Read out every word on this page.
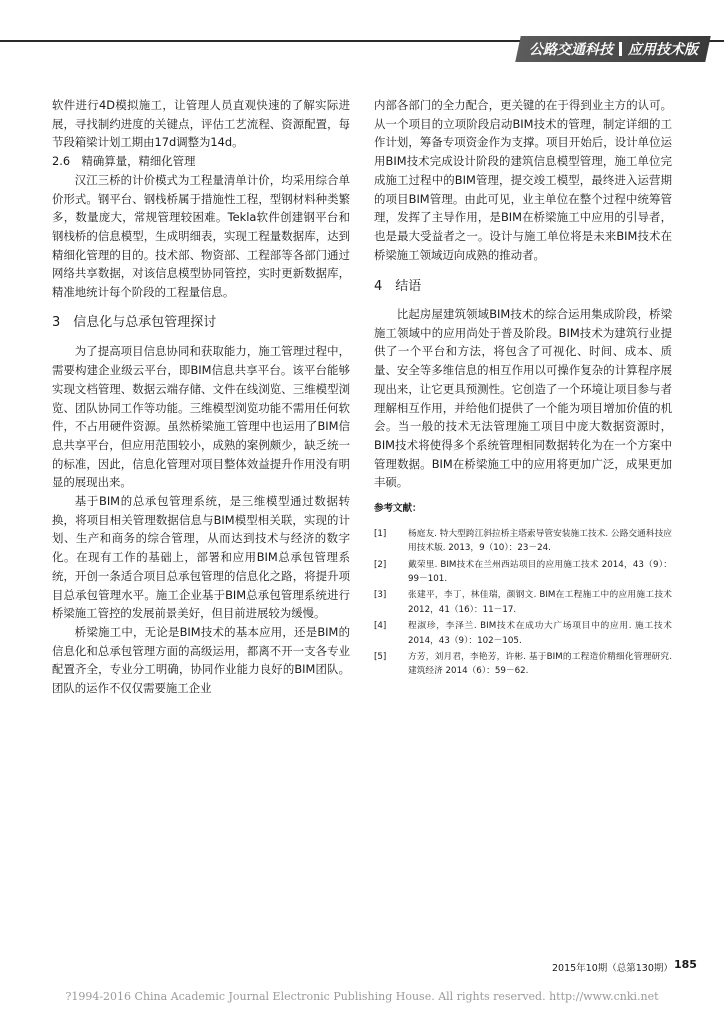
公路交通科技 应用技术版

软件进行4D模拟施工，让管理人员直观快速的了解实际进展，寻找制约进度的关键点，评估工艺流程、资源配置，每节段箱梁计划工期由17d调整为14d。

2.6　精确算量，精细化管理

汉江三桥的计价模式为工程量清单计价，均采用综合单价形式。钢平台、钢栈桥属于措施性工程，型钢材料种类繁多，数量庞大，常规管理较困难。Tekla软件创建钢平台和钢栈桥的信息模型，生成明细表，实现工程量数据库，达到精细化管理的目的。技术部、物资部、工程部等各部门通过网络共享数据，对该信息模型协同管控，实时更新数据库，精准地统计每个阶段的工程量信息。

3　信息化与总承包管理探讨

为了提高项目信息协同和获取能力，施工管理过程中，需要构建企业级云平台，即BIM信息共享平台。该平台能够实现文档管理、数据云端存储、文件在线浏览、三维模型浏览、团队协同工作等功能。三维模型浏览功能不需用任何软件，不占用硬件资源。虽然桥梁施工管理中也运用了BIM信息共享平台，但应用范围较小，成熟的案例颇少，缺乏统一的标准，因此，信息化管理对项目整体效益提升作用没有明显的展现出来。

基于BIM的总承包管理系统，是三维模型通过数据转换，将项目相关管理数据信息与BIM模型相关联，实现的计划、生产和商务的综合管理，从而达到技术与经济的数字化。在现有工作的基础上，部署和应用BIM总承包管理系统，开创一条适合项目总承包管理的信息化之路，将提升项目总承包管理水平。施工企业基于BIM总承包管理系统进行桥梁施工管控的发展前景美好，但目前进展较为缓慢。

桥梁施工中，无论是BIM技术的基本应用，还是BIM的信息化和总承包管理方面的高级运用，都离不开一支各专业配置齐全，专业分工明确，协同作业能力良好的BIM团队。团队的运作不仅仅需要施工企业

内部各部门的全力配合，更关键的在于得到业主方的认可。从一个项目的立项阶段启动BIM技术的管理，制定详细的工作计划，筹备专项资金作为支撑。项目开始后，设计单位运用BIM技术完成设计阶段的建筑信息模型管理，施工单位完成施工过程中的BIM管理，提交竣工模型，最终进入运营期的项目BIM管理。由此可见，业主单位在整个过程中统筹管理，发挥了主导作用，是BIM在桥梁施工中应用的引导者，也是最大受益者之一。设计与施工单位将是未来BIM技术在桥梁施工领域迈向成熟的推动者。

4　结语

比起房屋建筑领域BIM技术的综合运用集成阶段，桥梁施工领域中的应用尚处于普及阶段。BIM技术为建筑行业提供了一个平台和方法，将包含了可视化、时间、成本、质量、安全等多维信息的相互作用以可操作复杂的计算程序展现出来，让它更具预测性。它创造了一个环境让项目参与者理解相互作用，并给他们提供了一个能为项目增加价值的机会。当一般的技术无法管理施工项目中庞大数据资源时，BIM技术将使得多个系统管理相同数据转化为在一个方案中管理数据。BIM在桥梁施工中的应用将更加广泛，成果更加丰硕。

参考文献：

[1]	杨庭友. 特大型跨江斜拉桥主塔索导管安装施工技术. 公路交通科技应用技术版. 2013，9（10）：23－24.
[2]	戴荣里. BIM技术在兰州西站项目的应用施工技术 2014，43（9）：99－101.
[3]	张建平，李丁，林佳瑞，颜钢文. BIM在工程施工中的应用施工技术 2012，41（16）：11－17.
[4]	程淑珍，李泽兰. BIM技术在成功大广场项目中的应用. 施工技术 2014，43（9）：102－105.
[5]	方芳，刘月君，李艳芳，许彬. 基于BIM的工程造价精细化管理研究. 建筑经济 2014（6）：59－62.
2015年10期（总第130期） 185
?1994-2016 China Academic Journal Electronic Publishing House. All rights reserved. http://www.cnki.net
